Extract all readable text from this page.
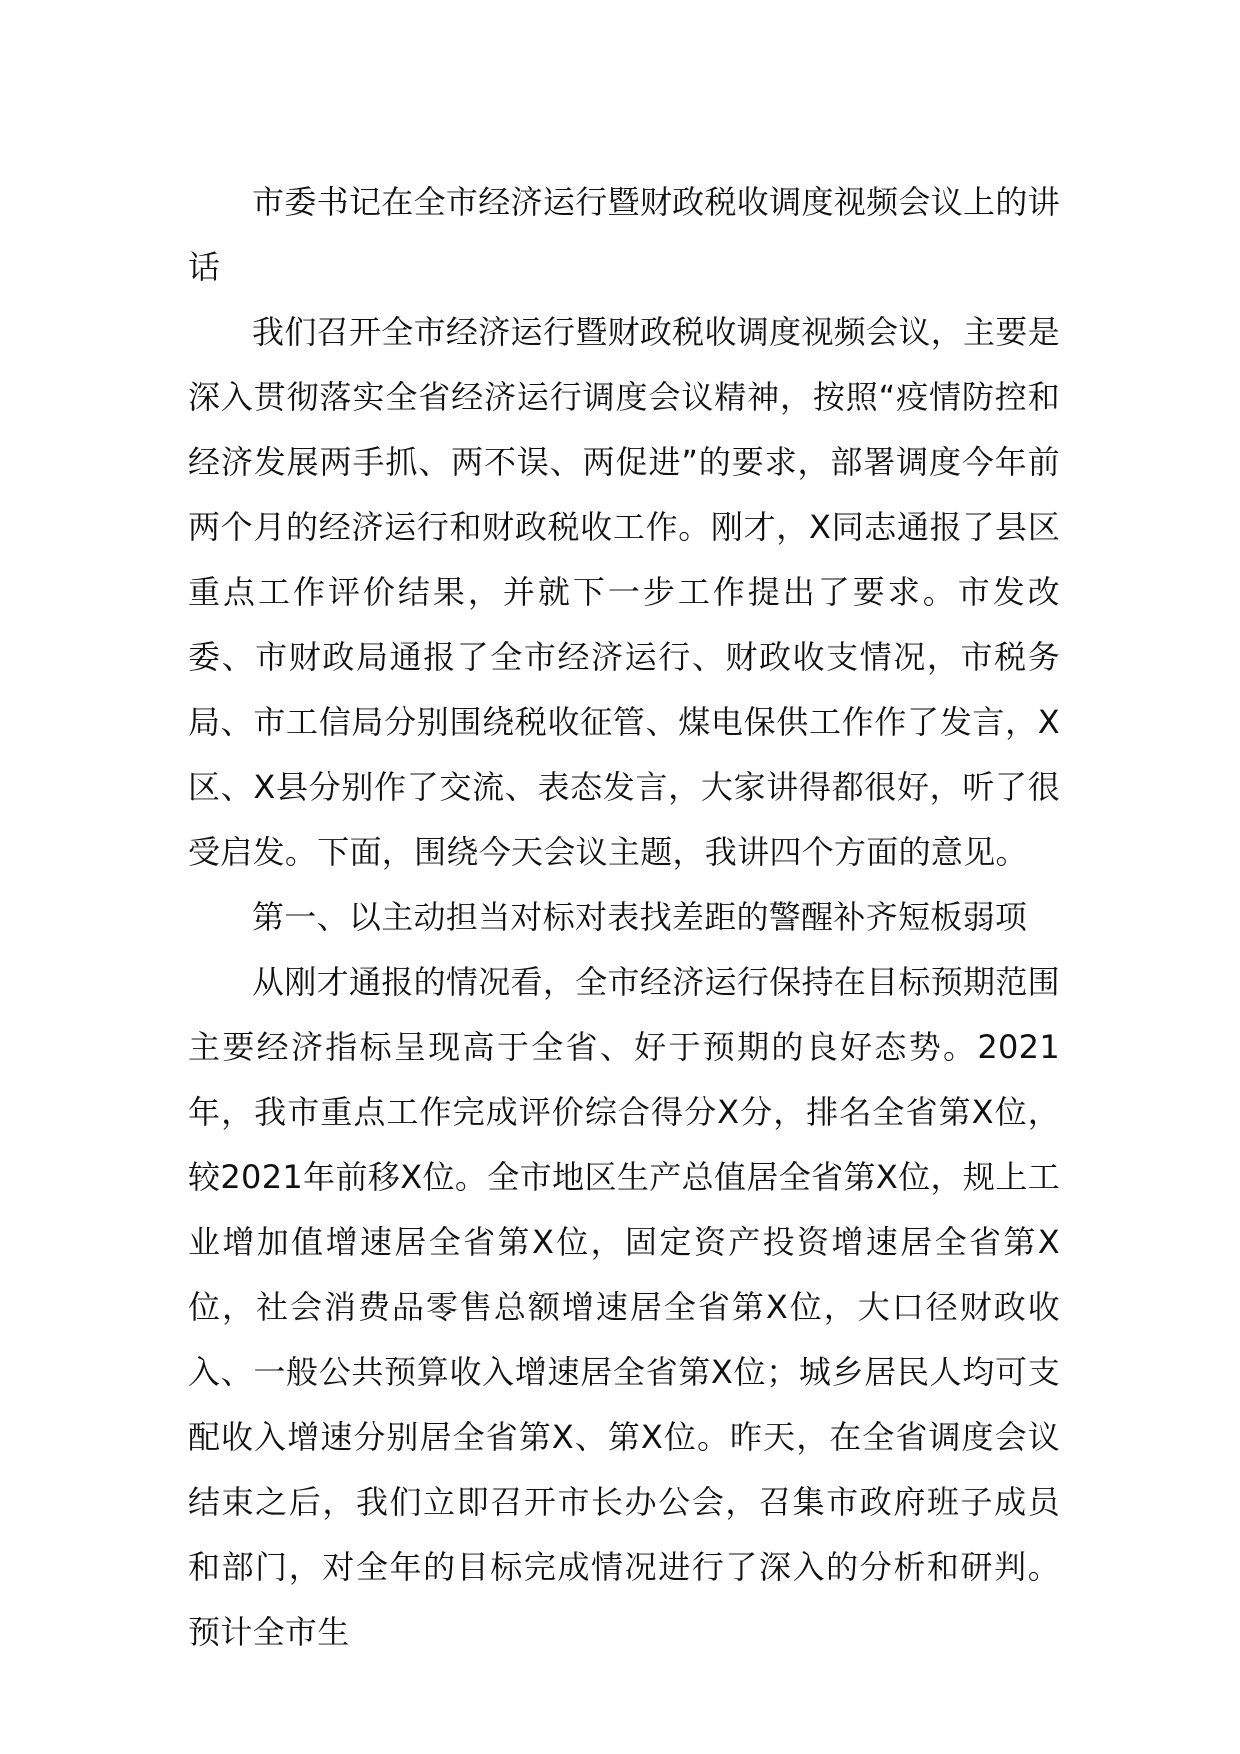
市委书记在全市经济运行暨财政税收调度视频会议上的讲话

我们召开全市经济运行暨财政税收调度视频会议，主要是深入贯彻落实全省经济运行调度会议精神，按照“疫情防控和经济发展两手抓、两不误、两促进”的要求，部署调度今年前两个月的经济运行和财政税收工作。刚才，X同志通报了县区重点工作评价结果，并就下一步工作提出了要求。市发改委、市财政局通报了全市经济运行、财政收支情况，市税务局、市工信局分别围绕税收征管、煤电保供工作作了发言，X区、X县分别作了交流、表态发言，大家讲得都很好，听了很受启发。下面，围绕今天会议主题，我讲四个方面的意见。

第一、以主动担当对标对表找差距的警醒补齐短板弱项

从刚才通报的情况看，全市经济运行保持在目标预期范围主要经济指标呈现高于全省、好于预期的良好态势。2021年，我市重点工作完成评价综合得分X分，排名全省第X位，较2021年前移X位。全市地区生产总值居全省第X位，规上工业增加值增速居全省第X位，固定资产投资增速居全省第X位，社会消费品零售总额增速居全省第X位，大口径财政收入、一般公共预算收入增速居全省第X位；城乡居民人均可支配收入增速分别居全省第X、第X位。昨天，在全省调度会议结束之后，我们立即召开市长办公会，召集市政府班子成员和部门，对全年的目标完成情况进行了深入的分析和研判。预计全市生
